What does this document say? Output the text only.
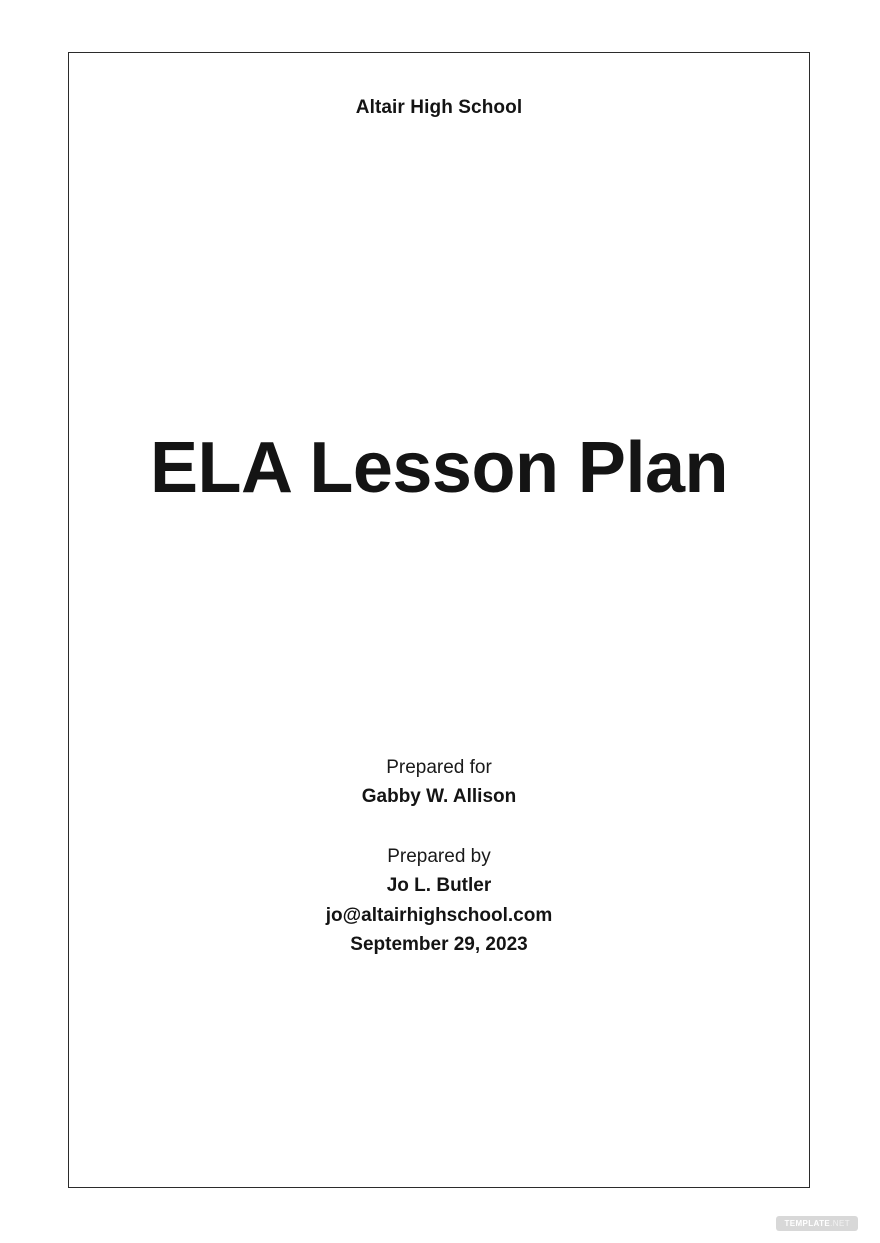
Altair High School
ELA Lesson Plan
Prepared for
Gabby W. Allison
Prepared by
Jo L. Butler
jo@altairhighschool.com
September 29, 2023
TEMPLATE.NET
